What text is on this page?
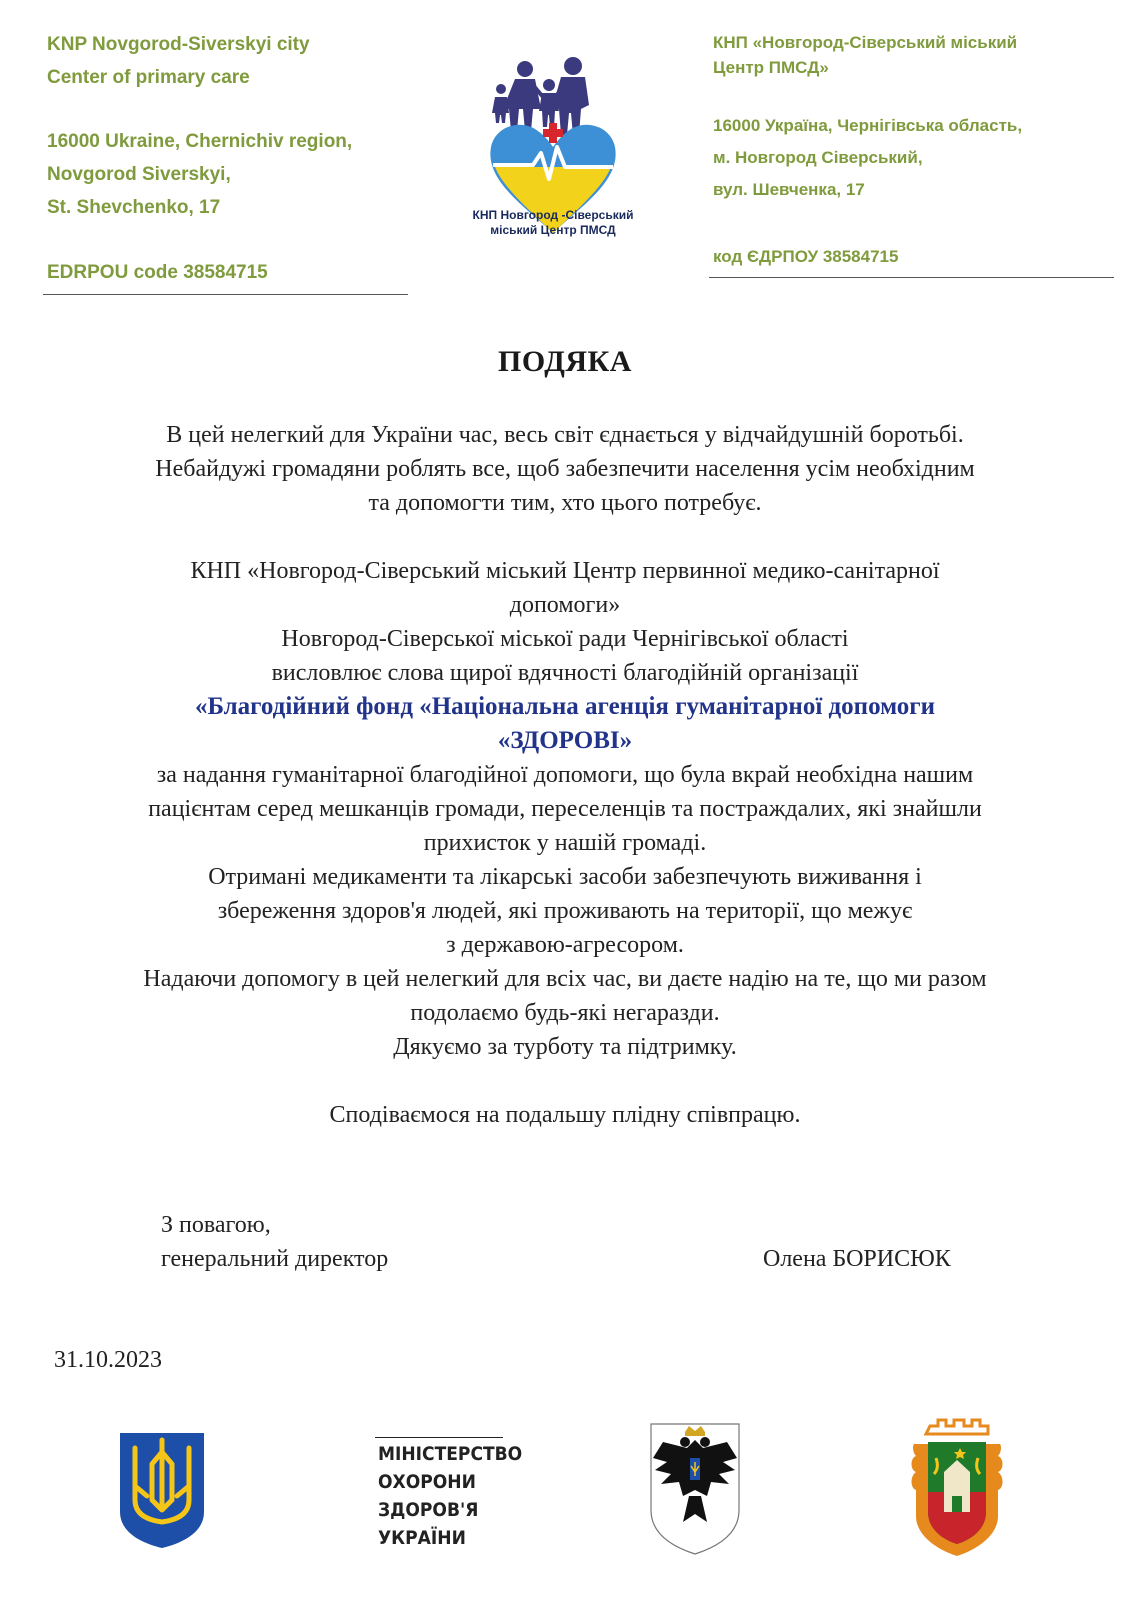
KNP Novgorod-Siverskyi city
Center of primary care
16000 Ukraine, Chernichiv region,
Novgorod Siverskyi,
St. Shevchenko, 17
EDRPOU code 38584715
КНП Новгород -Сіверський
міський Центр ПМСД
КНП «Новгород-Сіверський міський
Центр ПМСД»
16000 Україна, Чернігівська область,
м. Новгород Сіверський,
вул. Шевченка, 17
код ЄДРПОУ 38584715
ПОДЯКА
В цей нелегкий для України час, весь світ єднається у відчайдушній боротьбі.
Небайдужі громадяни роблять все, щоб забезпечити населення усім необхідним
та допомогти тим, хто цього потребує.
КНП «Новгород-Сіверський міський Центр первинної медико-санітарної
допомоги»
Новгород-Сіверської міської ради Чернігівської області
висловлює слова щирої вдячності благодійній організації
«Благодійний фонд «Національна агенція гуманітарної допомоги
«ЗДОРОВІ»
за надання гуманітарної благодійної допомоги, що була вкрай необхідна нашим
пацієнтам серед мешканців громади, переселенців та постраждалих, які знайшли
прихисток у нашій громаді.
Отримані медикаменти та лікарські засоби забезпечують виживання і
збереження здоров'я людей, які проживають на території, що межує
з державою-агресором.
Надаючи допомогу в цей нелегкий для всіх час, ви даєте надію на те, що ми разом
подолаємо будь-які негаразди.
Дякуємо за турботу та підтримку.
Сподіваємося на подальшу плідну співпрацю.
З повагою,
генеральний директор	Олена БОРИСЮК
31.10.2023
МІНІСТЕРСТВО
ОХОРОНИ
ЗДОРОВ'Я
УКРАЇНИ
